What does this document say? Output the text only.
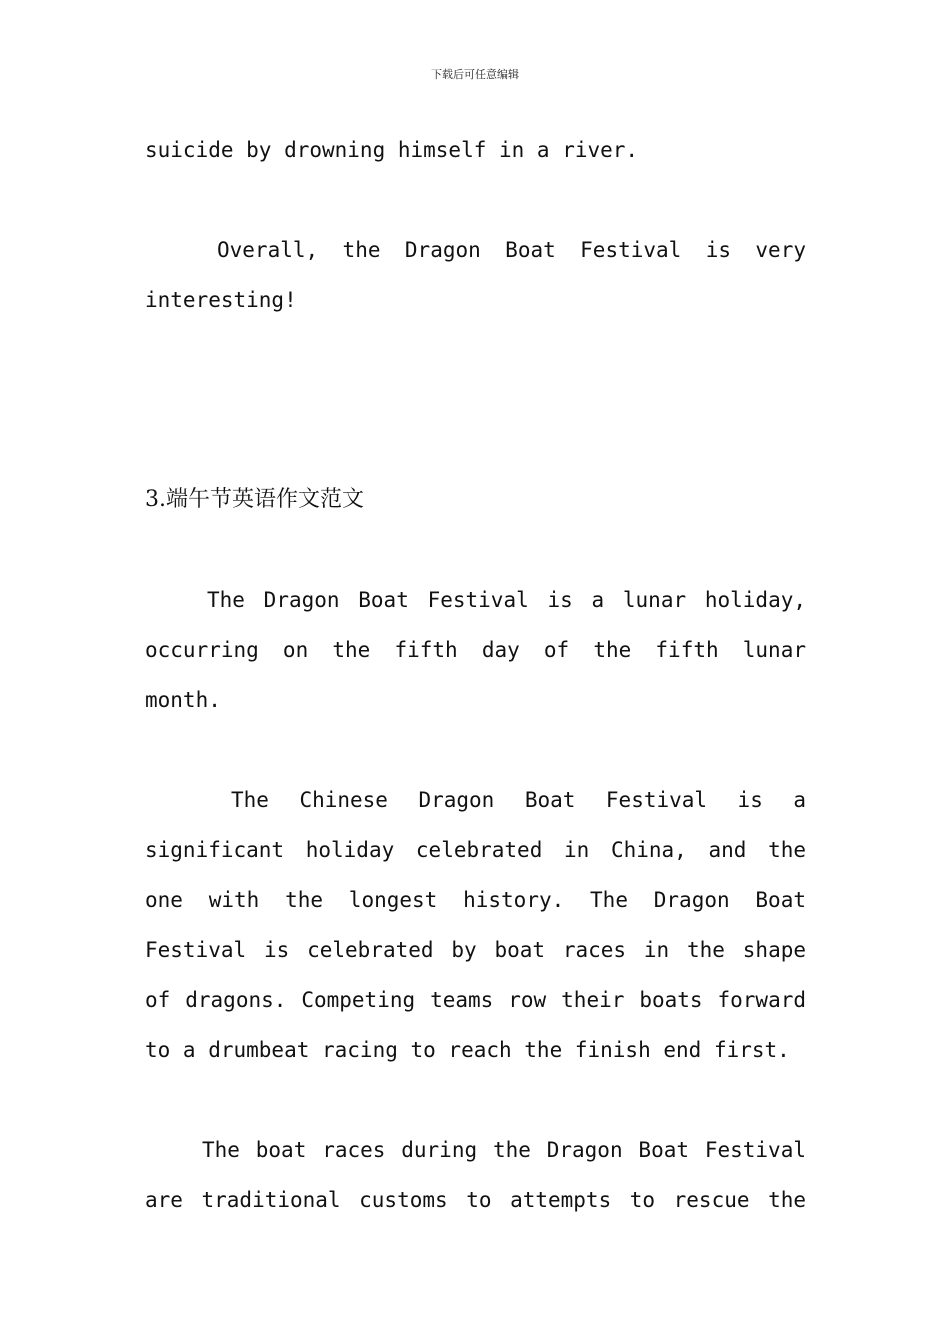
下载后可任意编辑
suicide by drowning himself in a river.
Overall, the Dragon Boat Festival is very
interesting!
3.端午节英语作文范文
The Dragon Boat Festival is a lunar holiday,
occurring on the fifth day of the fifth lunar
month.
The Chinese Dragon Boat Festival is a
significant holiday celebrated in China, and the
one with the longest history. The Dragon Boat
Festival is celebrated by boat races in the shape
of dragons. Competing teams row their boats forward
to a drumbeat racing to reach the finish end first.
The boat races during the Dragon Boat Festival
are traditional customs to attempts to rescue the
